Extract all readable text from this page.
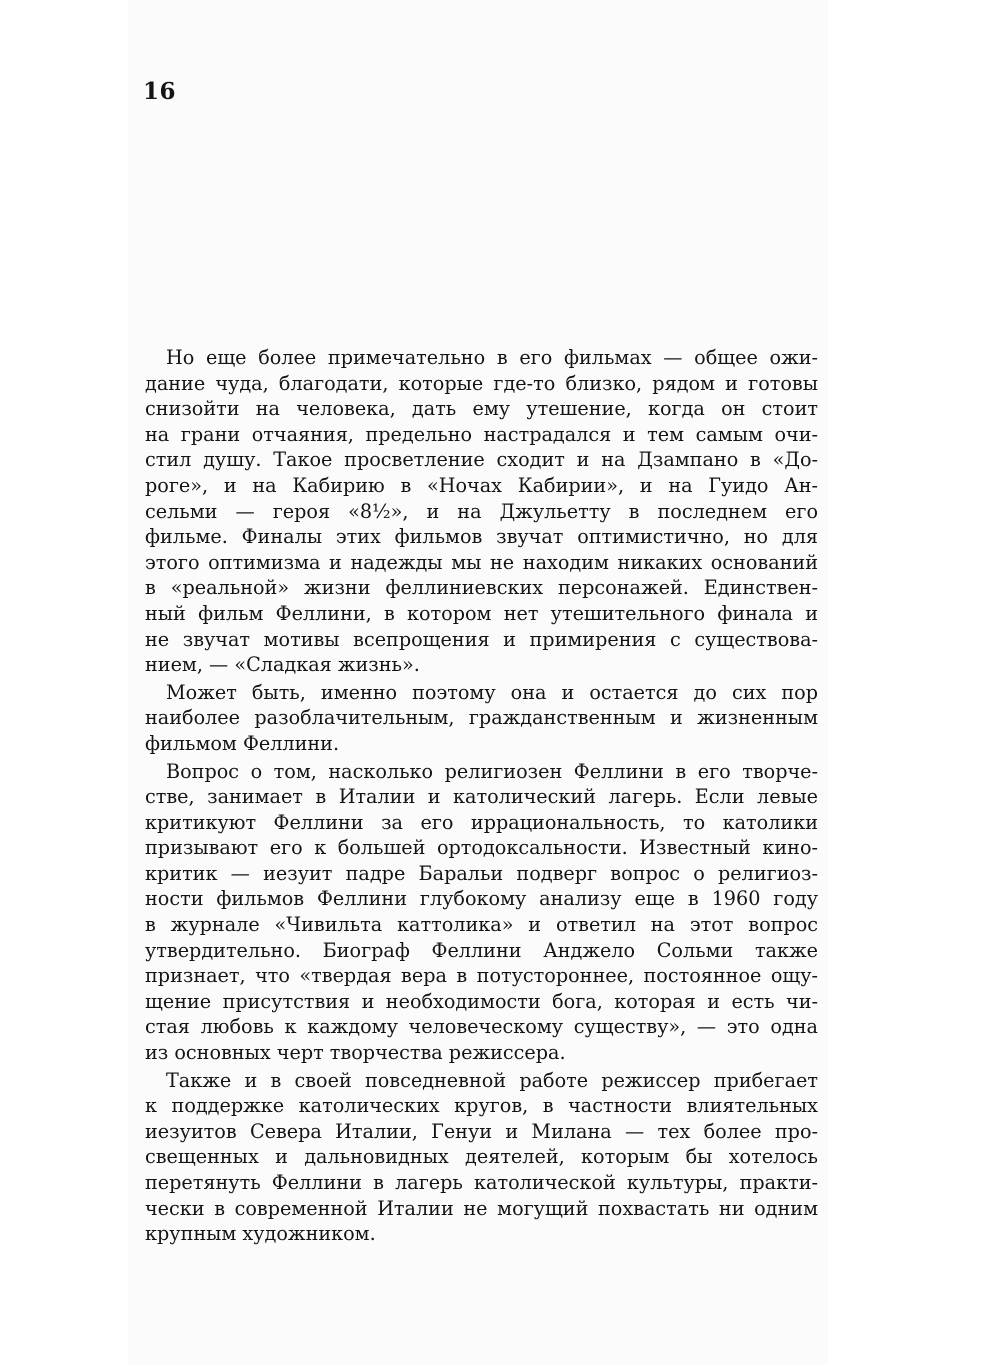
16
Но еще более примечательно в его фильмах — общее ожи-
дание чуда, благодати, которые где-то близко, рядом и готовы
снизойти на человека, дать ему утешение, когда он стоит
на грани отчаяния, предельно настрадался и тем самым очи-
стил душу. Такое просветление сходит и на Дзампано в «До-
роге», и на Кабирию в «Ночах Кабирии», и на Гуидо Ан-
сельми — героя «8½», и на Джульетту в последнем его
фильме. Финалы этих фильмов звучат оптимистично, но для
этого оптимизма и надежды мы не находим никаких оснований
в «реальной» жизни феллиниевских персонажей. Единствен-
ный фильм Феллини, в котором нет утешительного финала и
не звучат мотивы всепрощения и примирения с существова-
нием, — «Сладкая жизнь».
Может быть, именно поэтому она и остается до сих пор
наиболее разоблачительным, гражданственным и жизненным
фильмом Феллини.
Вопрос о том, насколько религиозен Феллини в его творче-
стве, занимает в Италии и католический лагерь. Если левые
критикуют Феллини за его иррациональность, то католики
призывают его к большей ортодоксальности. Известный кино-
критик — иезуит падре Баральи подверг вопрос о религиоз-
ности фильмов Феллини глубокому анализу еще в 1960 году
в журнале «Чивильта каттолика» и ответил на этот вопрос
утвердительно. Биограф Феллини Анджело Сольми также
признает, что «твердая вера в потустороннее, постоянное ощу-
щение присутствия и необходимости бога, которая и есть чи-
стая любовь к каждому человеческому существу», — это одна
из основных черт творчества режиссера.
Также и в своей повседневной работе режиссер прибегает
к поддержке католических кругов, в частности влиятельных
иезуитов Севера Италии, Генуи и Милана — тех более про-
свещенных и дальновидных деятелей, которым бы хотелось
перетянуть Феллини в лагерь католической культуры, практи-
чески в современной Италии не могущий похвастать ни одним
крупным художником.
